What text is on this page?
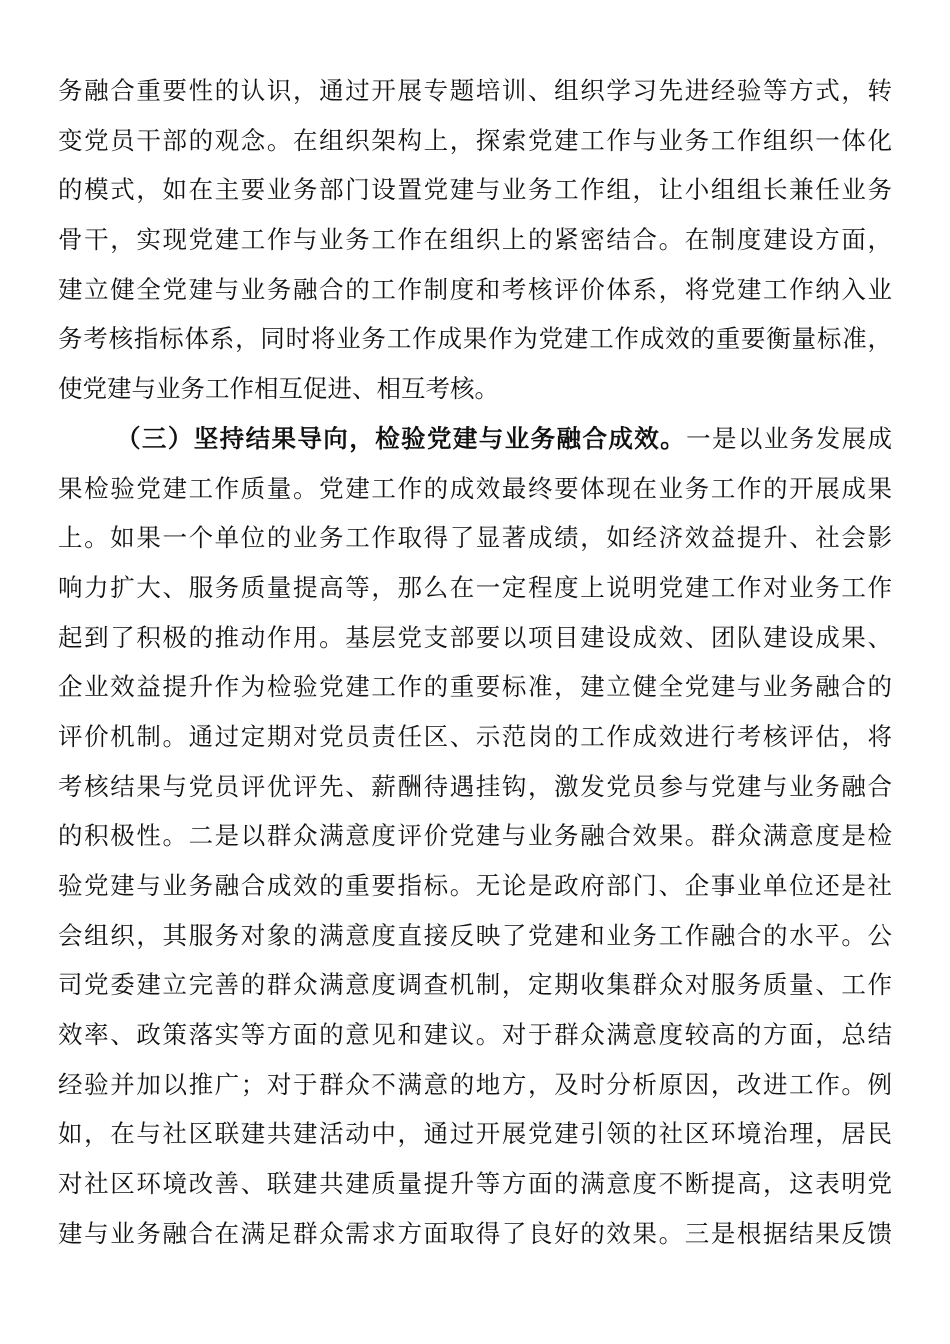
务融合重要性的认识，通过开展专题培训、组织学习先进经验等方式，转
变党员干部的观念。在组织架构上，探索党建工作与业务工作组织一体化
的模式，如在主要业务部门设置党建与业务工作组，让小组组长兼任业务
骨干，实现党建工作与业务工作在组织上的紧密结合。在制度建设方面，
建立健全党建与业务融合的工作制度和考核评价体系，将党建工作纳入业
务考核指标体系，同时将业务工作成果作为党建工作成效的重要衡量标准，
使党建与业务工作相互促进、相互考核。
（三）坚持结果导向，检验党建与业务融合成效。一是以业务发展成
果检验党建工作质量。党建工作的成效最终要体现在业务工作的开展成果
上。如果一个单位的业务工作取得了显著成绩，如经济效益提升、社会影
响力扩大、服务质量提高等，那么在一定程度上说明党建工作对业务工作
起到了积极的推动作用。基层党支部要以项目建设成效、团队建设成果、
企业效益提升作为检验党建工作的重要标准，建立健全党建与业务融合的
评价机制。通过定期对党员责任区、示范岗的工作成效进行考核评估，将
考核结果与党员评优评先、薪酬待遇挂钩，激发党员参与党建与业务融合
的积极性。二是以群众满意度评价党建与业务融合效果。群众满意度是检
验党建与业务融合成效的重要指标。无论是政府部门、企事业单位还是社
会组织，其服务对象的满意度直接反映了党建和业务工作融合的水平。公
司党委建立完善的群众满意度调查机制，定期收集群众对服务质量、工作
效率、政策落实等方面的意见和建议。对于群众满意度较高的方面，总结
经验并加以推广；对于群众不满意的地方，及时分析原因，改进工作。例
如，在与社区联建共建活动中，通过开展党建引领的社区环境治理，居民
对社区环境改善、联建共建质量提升等方面的满意度不断提高，这表明党
建与业务融合在满足群众需求方面取得了良好的效果。三是根据结果反馈
